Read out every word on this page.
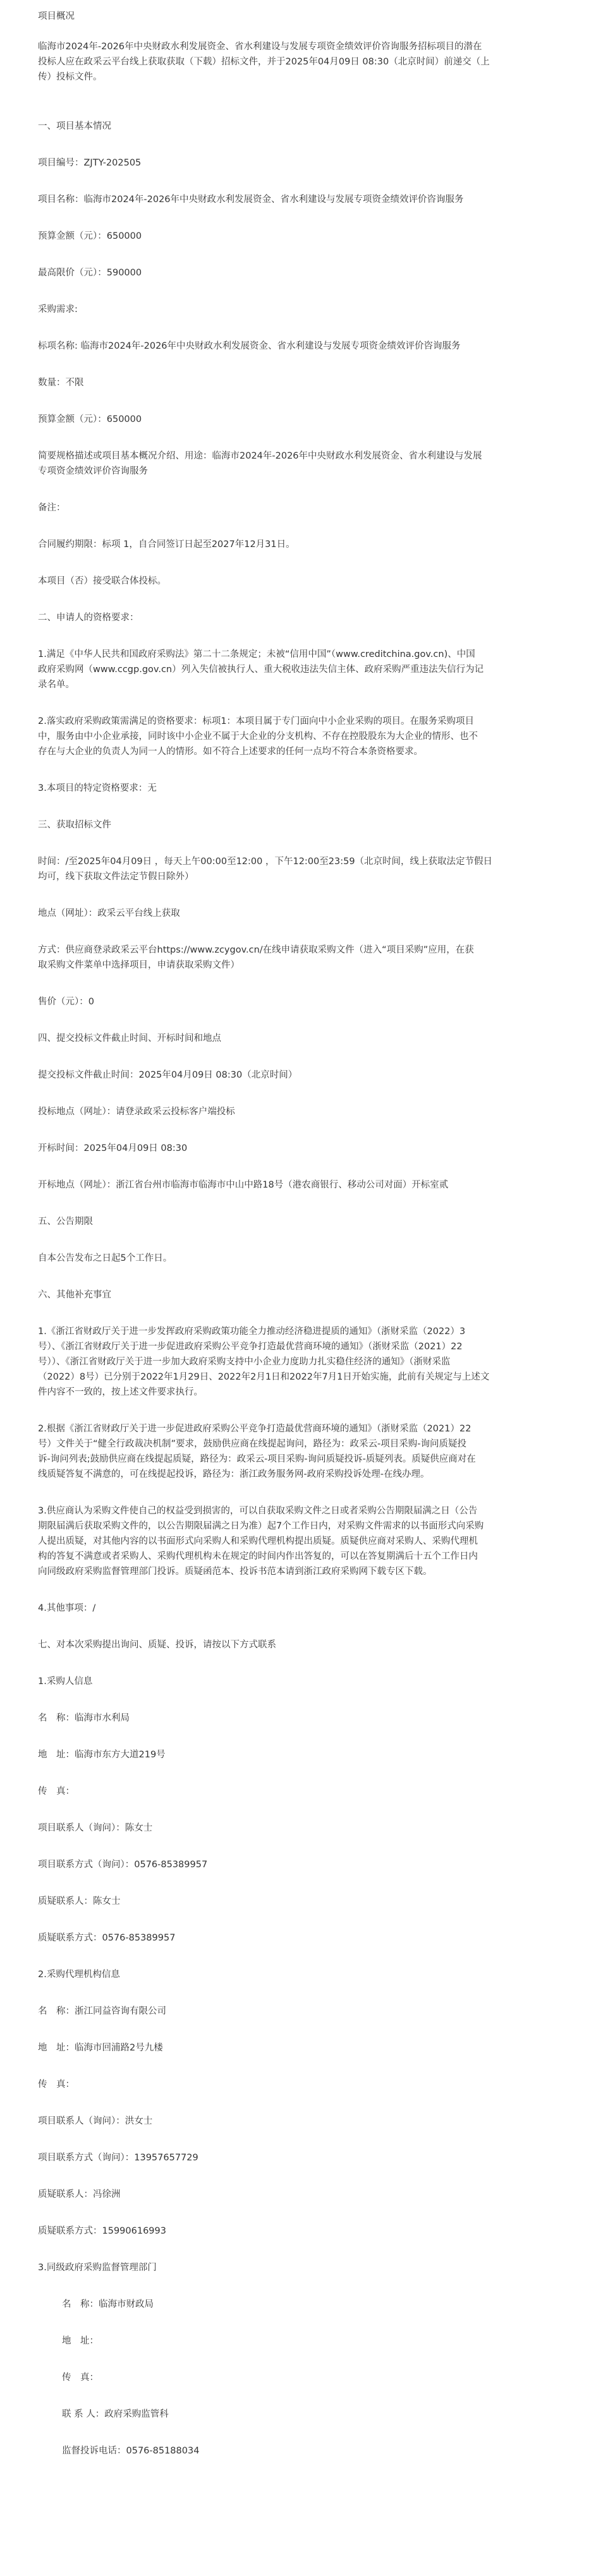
项目概况

临海市2024年-2026年中央财政水利发展资金、省水利建设与发展专项资金绩效评价咨询服务招标项目的潜在

投标人应在政采云平台线上获取获取（下载）招标文件，并于2025年04月09日 08:30（北京时间）前递交（上

传）投标文件。

一、项目基本情况

项目编号：ZJTY-202505

项目名称：临海市2024年-2026年中央财政水利发展资金、省水利建设与发展专项资金绩效评价咨询服务

预算金额（元）：650000

最高限价（元）：590000

采购需求:

标项名称: 临海市2024年-2026年中央财政水利发展资金、省水利建设与发展专项资金绩效评价咨询服务

数量：不限

预算金额（元）：650000

简要规格描述或项目基本概况介绍、用途：临海市2024年-2026年中央财政水利发展资金、省水利建设与发展

专项资金绩效评价咨询服务

备注：

合同履约期限：标项 1，自合同签订日起至2027年12月31日。

本项目（否）接受联合体投标。

二、申请人的资格要求：

1.满足《中华人民共和国政府采购法》第二十二条规定；未被“信用中国”（www.creditchina.gov.cn)、中国

政府采购网（www.ccgp.gov.cn）列入失信被执行人、重大税收违法失信主体、政府采购严重违法失信行为记

录名单。

2.落实政府采购政策需满足的资格要求：标项1：本项目属于专门面向中小企业采购的项目。在服务采购项目

中，服务由中小企业承接，同时该中小企业不属于大企业的分支机构、不存在控股股东为大企业的情形、也不

存在与大企业的负责人为同一人的情形。如不符合上述要求的任何一点均不符合本条资格要求。

3.本项目的特定资格要求：无

三、获取招标文件

时间：/至2025年04月09日 ，每天上午00:00至12:00 ，下午12:00至23:59（北京时间，线上获取法定节假日

均可，线下获取文件法定节假日除外）

地点（网址）：政采云平台线上获取

方式：供应商登录政采云平台https://www.zcygov.cn/在线申请获取采购文件（进入“项目采购”应用，在获

取采购文件菜单中选择项目，申请获取采购文件）

售价（元）：0

四、提交投标文件截止时间、开标时间和地点

提交投标文件截止时间：2025年04月09日 08:30（北京时间）

投标地点（网址）：请登录政采云投标客户端投标

开标时间：2025年04月09日 08:30

开标地点（网址）：浙江省台州市临海市临海市中山中路18号（港农商银行、移动公司对面）开标室贰

五、公告期限

自本公告发布之日起5个工作日。

六、其他补充事宜

1.《浙江省财政厅关于进一步发挥政府采购政策功能全力推动经济稳进提质的通知》（浙财采监（2022）3

号）、《浙江省财政厅关于进一步促进政府采购公平竞争打造最优营商环境的通知》（浙财采监（2021）22

号））、《浙江省财政厅关于进一步加大政府采购支持中小企业力度助力扎实稳住经济的通知》（浙财采监

（2022）8号）已分别于2022年1月29日、2022年2月1日和2022年7月1日开始实施，此前有关规定与上述文

件内容不一致的，按上述文件要求执行。

2.根据《浙江省财政厅关于进一步促进政府采购公平竞争打造最优营商环境的通知》（浙财采监（2021）22

号）文件关于“健全行政裁决机制”要求，鼓励供应商在线提起询问，路径为：政采云-项目采购-询问质疑投

诉-询问列表;鼓励供应商在线提起质疑，路径为：政采云-项目采购-询问质疑投诉-质疑列表。质疑供应商对在

线质疑答复不满意的，可在线提起投诉，路径为：浙江政务服务网-政府采购投诉处理-在线办理。

3.供应商认为采购文件使自己的权益受到损害的，可以自获取采购文件之日或者采购公告期限届满之日（公告

期限届满后获取采购文件的，以公告期限届满之日为准）起7个工作日内，对采购文件需求的以书面形式向采购

人提出质疑，对其他内容的以书面形式向采购人和采购代理机构提出质疑。质疑供应商对采购人、采购代理机

构的答复不满意或者采购人、采购代理机构未在规定的时间内作出答复的，可以在答复期满后十五个工作日内

向同级政府采购监督管理部门投诉。质疑函范本、投诉书范本请到浙江政府采购网下载专区下载。

4.其他事项：/

七、对本次采购提出询问、质疑、投诉，请按以下方式联系

1.采购人信息

名　称：临海市水利局

地　址：临海市东方大道219号

传　真：

项目联系人（询问）：陈女士

项目联系方式（询问）：0576-85389957

质疑联系人：陈女士

质疑联系方式：0576-85389957

2.采购代理机构信息

名　称：浙江同益咨询有限公司

地　址：临海市回浦路2号九楼

传　真：

项目联系人（询问）：洪女士

项目联系方式（询问）：13957657729

质疑联系人：冯徐洲

质疑联系方式：15990616993

3.同级政府采购监督管理部门

名　称：临海市财政局

地　址：

传　真：

联 系 人：政府采购监管科

监督投诉电话：0576-85188034
